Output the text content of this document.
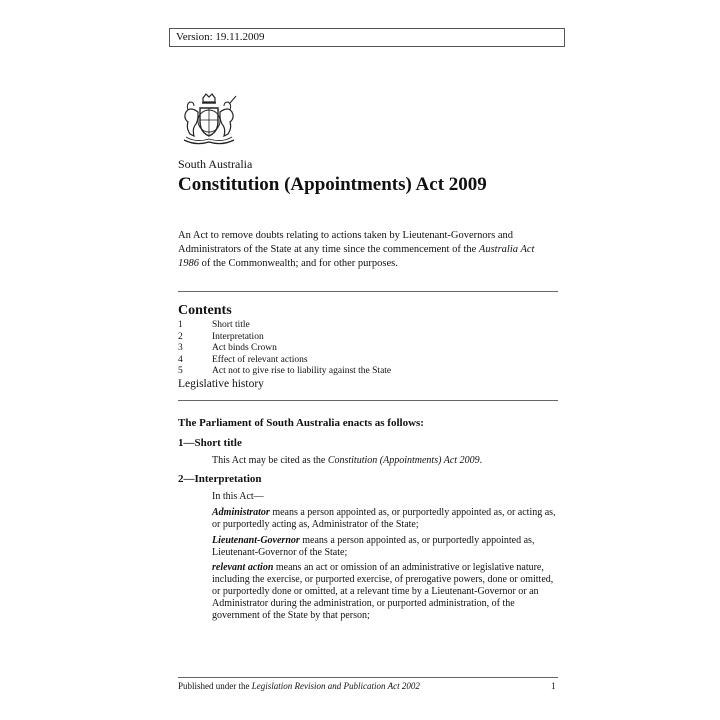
Version: 19.11.2009
South Australia
Constitution (Appointments) Act 2009
An Act to remove doubts relating to actions taken by Lieutenant-Governors and Administrators of the State at any time since the commencement of the Australia Act 1986 of the Commonwealth; and for other purposes.
Contents
1	Short title
2	Interpretation
3	Act binds Crown
4	Effect of relevant actions
5	Act not to give rise to liability against the State
Legislative history
The Parliament of South Australia enacts as follows:
1—Short title
This Act may be cited as the Constitution (Appointments) Act 2009.
2—Interpretation
In this Act—
Administrator means a person appointed as, or purportedly appointed as, or acting as, or purportedly acting as, Administrator of the State;
Lieutenant-Governor means a person appointed as, or purportedly appointed as, Lieutenant-Governor of the State;
relevant action means an act or omission of an administrative or legislative nature, including the exercise, or purported exercise, of prerogative powers, done or omitted, or purportedly done or omitted, at a relevant time by a Lieutenant-Governor or an Administrator during the administration, or purported administration, of the government of the State by that person;
Published under the Legislation Revision and Publication Act 2002	1
